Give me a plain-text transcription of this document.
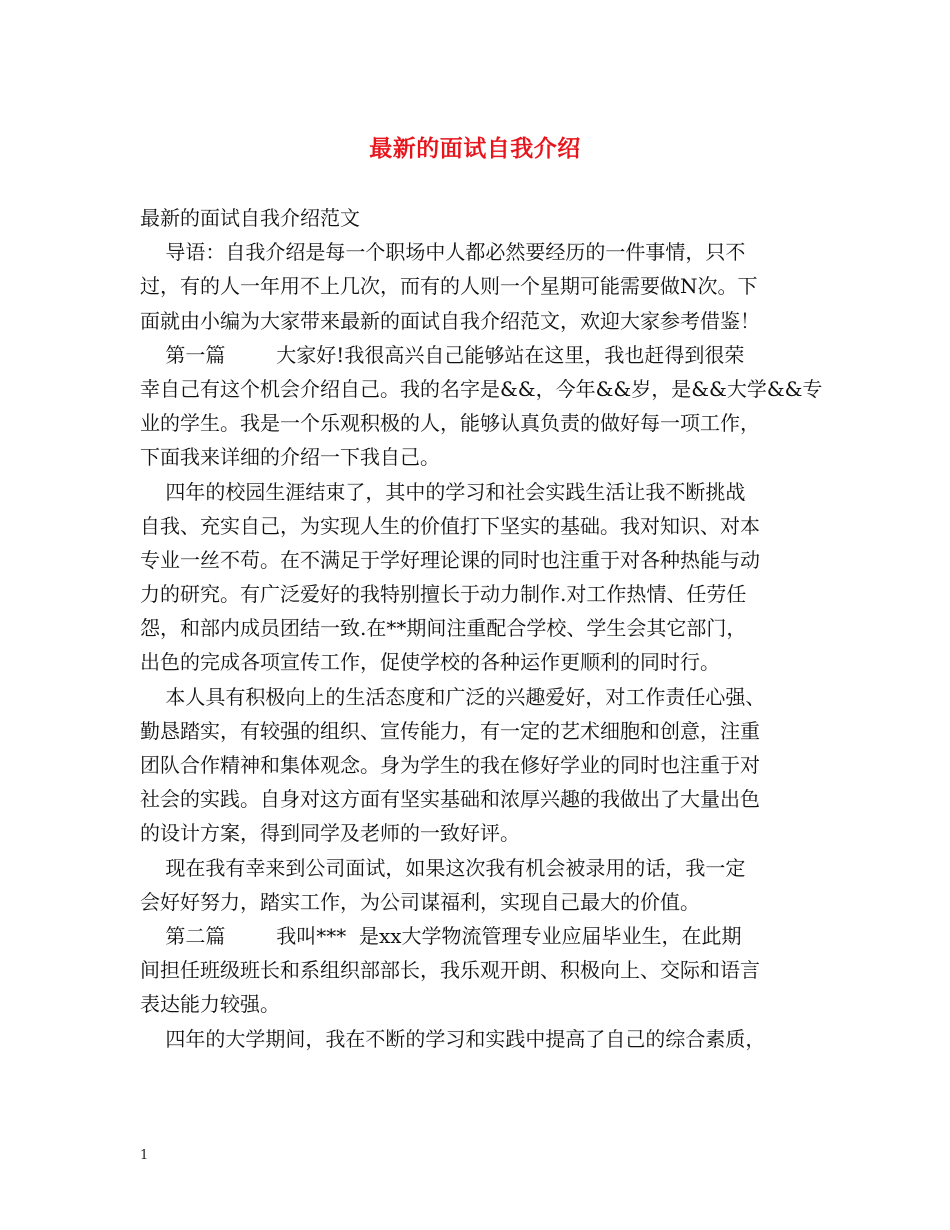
最新的面试自我介绍
最新的面试自我介绍范文
导语：自我介绍是每一个职场中人都必然要经历的一件事情，只不
过，有的人一年用不上几次，而有的人则一个星期可能需要做N次。下
面就由小编为大家带来最新的面试自我介绍范文，欢迎大家参考借鉴！
第一篇        大家好!我很高兴自己能够站在这里，我也赶得到很荣
幸自己有这个机会介绍自己。我的名字是&&，今年&&岁，是&&大学&&专
业的学生。我是一个乐观积极的人，能够认真负责的做好每一项工作，
下面我来详细的介绍一下我自己。
四年的校园生涯结束了，其中的学习和社会实践生活让我不断挑战
自我、充实自己，为实现人生的价值打下坚实的基础。我对知识、对本
专业一丝不苟。在不满足于学好理论课的同时也注重于对各种热能与动
力的研究。有广泛爱好的我特别擅长于动力制作.对工作热情、任劳任
怨，和部内成员团结一致.在**期间注重配合学校、学生会其它部门，
出色的完成各项宣传工作，促使学校的各种运作更顺利的同时行。
本人具有积极向上的生活态度和广泛的兴趣爱好，对工作责任心强、
勤恳踏实，有较强的组织、宣传能力，有一定的艺术细胞和创意，注重
团队合作精神和集体观念。身为学生的我在修好学业的同时也注重于对
社会的实践。自身对这方面有坚实基础和浓厚兴趣的我做出了大量出色
的设计方案，得到同学及老师的一致好评。
现在我有幸来到公司面试，如果这次我有机会被录用的话，我一定
会好好努力，踏实工作，为公司谋福利，实现自己最大的价值。
第二篇        我叫***  是xx大学物流管理专业应届毕业生，在此期
间担任班级班长和系组织部部长，我乐观开朗、积极向上、交际和语言
表达能力较强。
四年的大学期间，我在不断的学习和实践中提高了自己的综合素质，
1
